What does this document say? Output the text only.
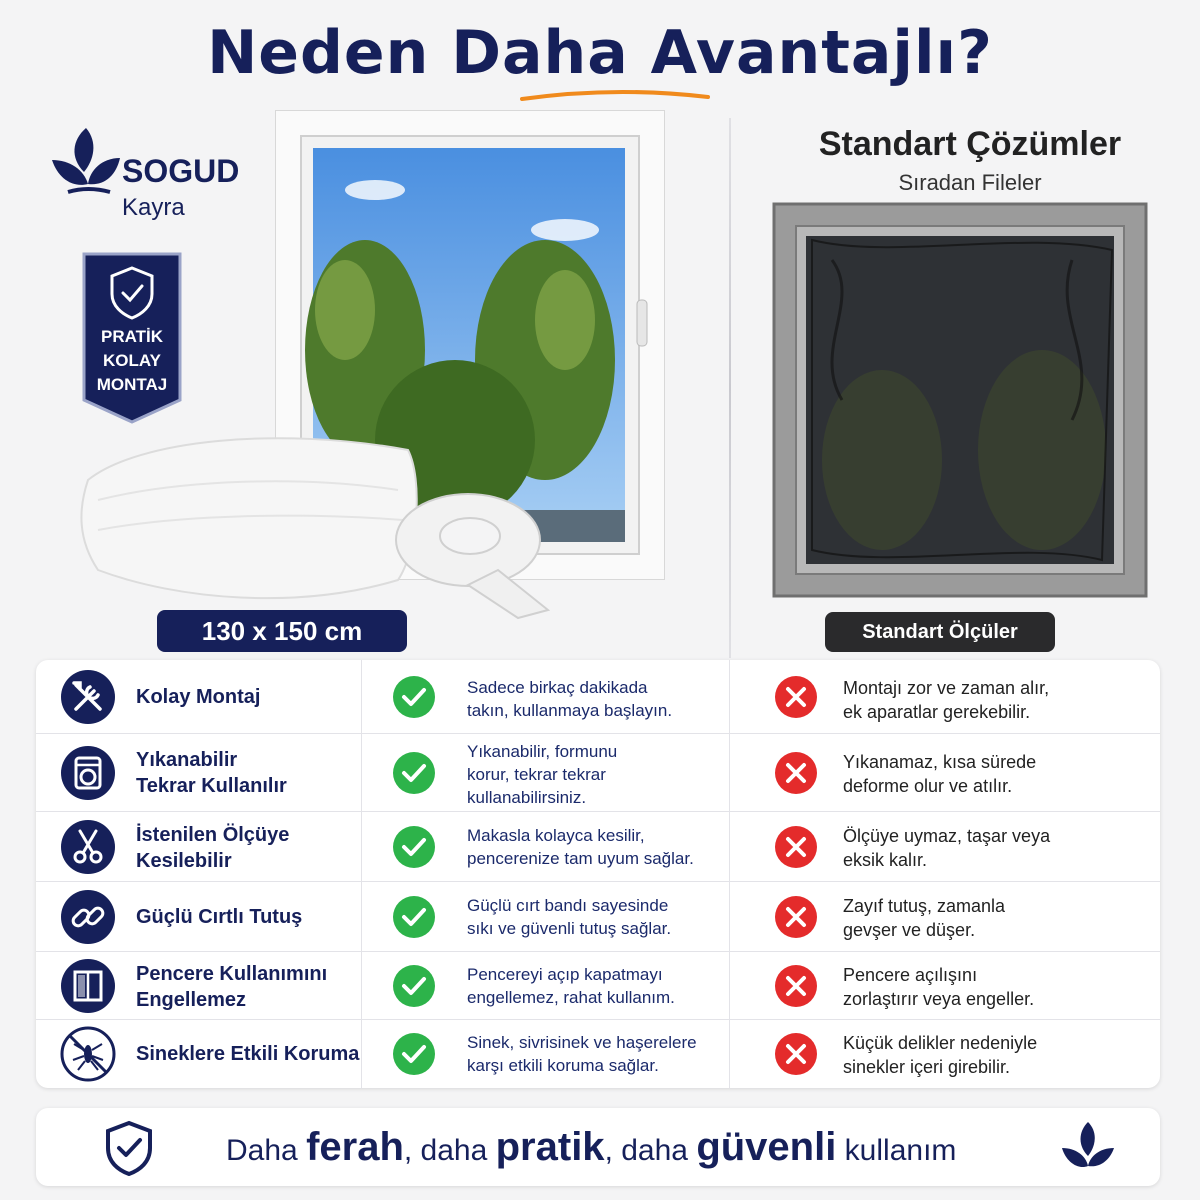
Neden Daha Avantajlı?
SOGUD
Kayra
PRATİK
KOLAY
MONTAJ
130 x 150 cm
Standart Çözümler
Sıradan Fileler
Standart Ölçüler
Kolay Montaj	Sadece birkaç dakikada
takın, kullanmaya başlayın.
Montajı zor ve zaman alır,
ek aparatlar gerekebilir.
Yıkanabilir
Tekrar Kullanılır
Yıkanabilir, formunu
korur, tekrar tekrar
kullanabilirsiniz.
Yıkanamaz, kısa sürede
deforme olur ve atılır.
İstenilen Ölçüye
Kesilebilir
Makasla kolayca kesilir,
pencerenize tam uyum sağlar.
Ölçüye uymaz, taşar veya
eksik kalır.
Güçlü Cırtlı Tutuş
Güçlü cırt bandı sayesinde
sıkı ve güvenli tutuş sağlar.
Zayıf tutuş, zamanla
gevşer ve düşer.
Pencere Kullanımını
Engellemez
Pencereyi açıp kapatmayı
engellemez, rahat kullanım.
Pencere açılışını
zorlaştırır veya engeller.
Sineklere Etkili Koruma
Sinek, sivrisinek ve haşerelere
karşı etkili koruma sağlar.
Küçük delikler nedeniyle
sinekler içeri girebilir.
Daha ferah, daha pratik, daha güvenli kullanım
